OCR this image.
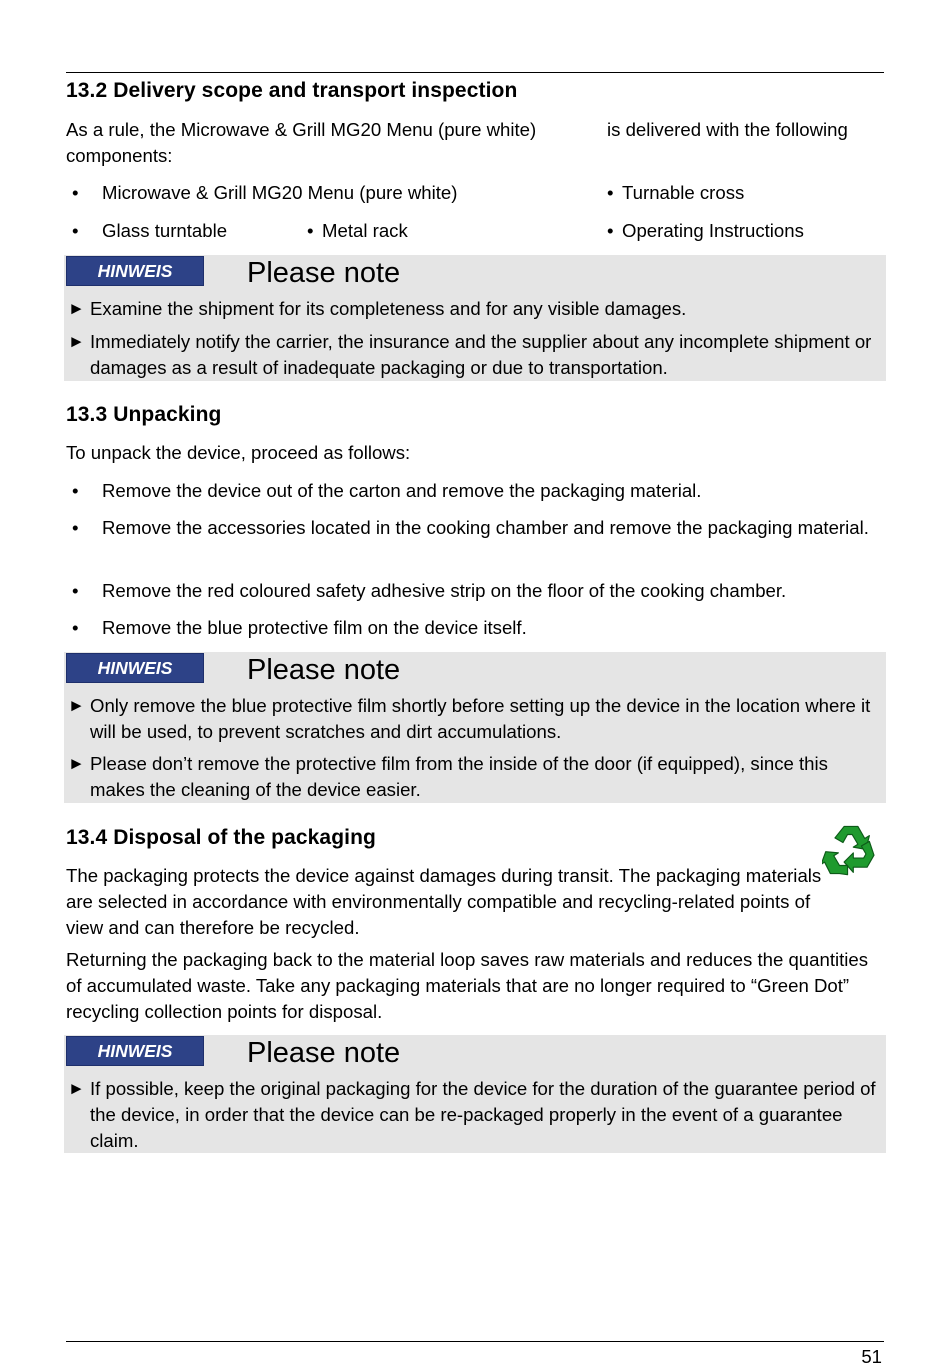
13.2 Delivery scope and transport inspection
As a rule, the Microwave & Grill MG20 Menu (pure white)	is delivered with the following
components:
• Microwave & Grill MG20 Menu (pure white)	• Turnable cross
• Glass turntable	• Metal rack	• Operating Instructions
HINWEIS	Please note
► Examine the shipment for its completeness and for any visible damages.
► Immediately notify the carrier, the insurance and the supplier about any incomplete shipment or damages as a result of inadequate packaging or due to transportation.
13.3 Unpacking
To unpack the device, proceed as follows:
• Remove the device out of the carton and remove the packaging material.
• Remove the accessories located in the cooking chamber and remove the packaging material.
• Remove the red coloured safety adhesive strip on the floor of the cooking chamber.
• Remove the blue protective film on the device itself.
HINWEIS	Please note
► Only remove the blue protective film shortly before setting up the device in the location where it will be used, to prevent scratches and dirt accumulations.
► Please don’t remove the protective film from the inside of the door (if equipped), since this makes the cleaning of the device easier.
13.4 Disposal of the packaging
The packaging protects the device against damages during transit. The packaging materials are selected in accordance with environmentally compatible and recycling-related points of view and can therefore be recycled.
Returning the packaging back to the material loop saves raw materials and reduces the quantities of accumulated waste. Take any packaging materials that are no longer required to “Green Dot” recycling collection points for disposal.
HINWEIS	Please note
► If possible, keep the original packaging for the device for the duration of the guarantee period of the device, in order that the device can be re-packaged properly in the event of a guarantee claim.
51
